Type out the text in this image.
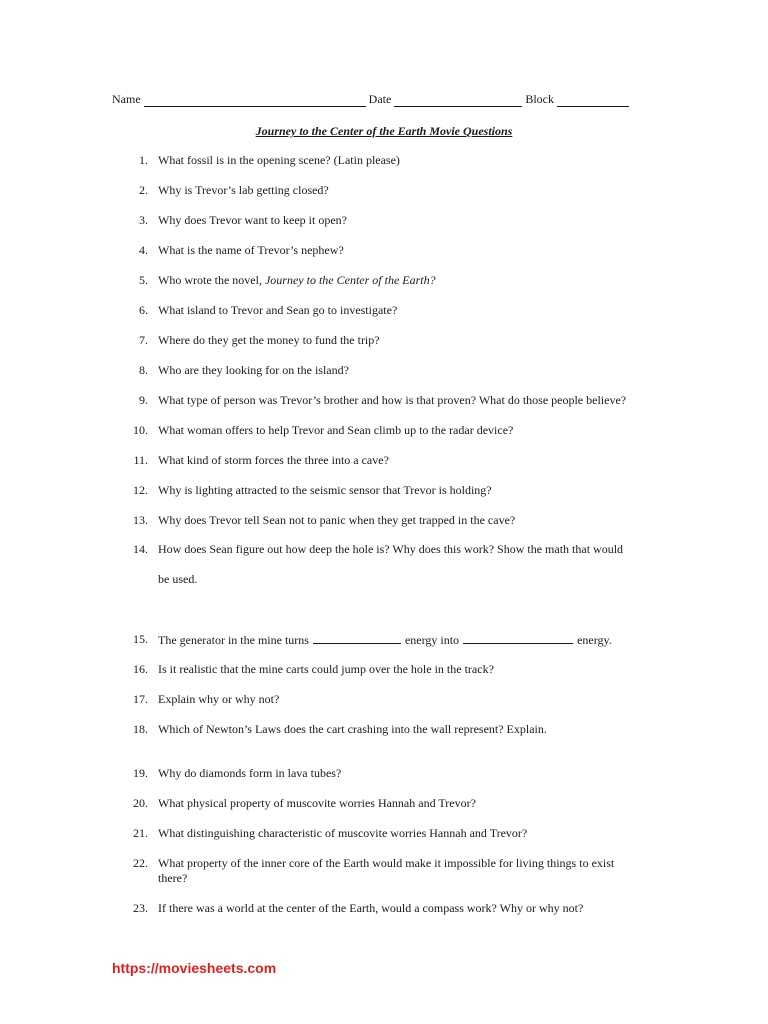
Name	Date	Block
Journey to the Center of the Earth Movie Questions
1. What fossil is in the opening scene? (Latin please)
2. Why is Trevor’s lab getting closed?
3. Why does Trevor want to keep it open?
4. What is the name of Trevor’s nephew?
5. Who wrote the novel, Journey to the Center of the Earth?
6. What island to Trevor and Sean go to investigate?
7. Where do they get the money to fund the trip?
8. Who are they looking for on the island?
9. What type of person was Trevor’s brother and how is that proven? What do those people believe?
10. What woman offers to help Trevor and Sean climb up to the radar device?
11. What kind of storm forces the three into a cave?
12. Why is lighting attracted to the seismic sensor that Trevor is holding?
13. Why does Trevor tell Sean not to panic when they get trapped in the cave?
14. How does Sean figure out how deep the hole is? Why does this work? Show the math that would
be used.
15. The generator in the mine turns	energy into	energy.
16. Is it realistic that the mine carts could jump over the hole in the track?
17. Explain why or why not?
18. Which of Newton’s Laws does the cart crashing into the wall represent? Explain.
19. Why do diamonds form in lava tubes?
20. What physical property of muscovite worries Hannah and Trevor?
21. What distinguishing characteristic of muscovite worries Hannah and Trevor?
22. What property of the inner core of the Earth would make it impossible for living things to exist
there?
23. If there was a world at the center of the Earth, would a compass work? Why or why not?
https://moviesheets.com
